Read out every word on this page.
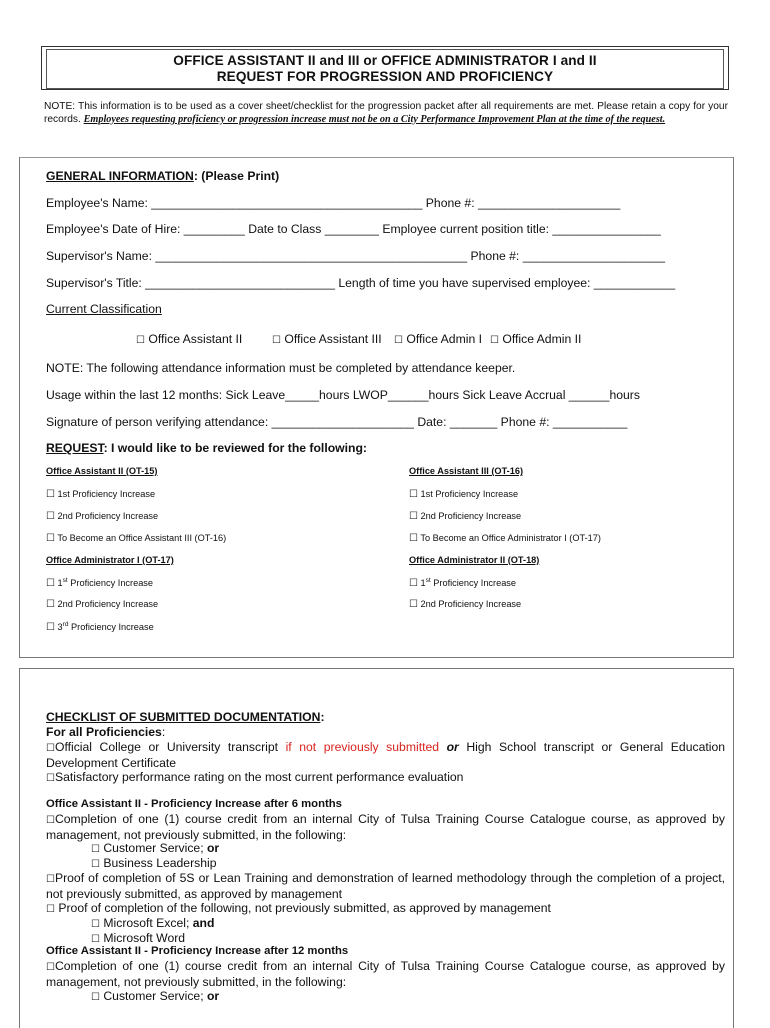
OFFICE ASSISTANT II and III or OFFICE ADMINISTRATOR I and II
REQUEST FOR PROGRESSION AND PROFICIENCY
NOTE: This information is to be used as a cover sheet/checklist for the progression packet after all requirements are met. Please retain a copy for your records. Employees requesting proficiency or progression increase must not be on a City Performance Improvement Plan at the time of the request.
GENERAL INFORMATION: (Please Print)
Employee's Name: ________________________________________ Phone #: _____________________
Employee's Date of Hire: _________ Date to Class ________ Employee current position title: ________________
Supervisor's Name: ______________________________________________ Phone #: _____________________
Supervisor's Title: ____________________________ Length of time you have supervised employee: ____________
Current Classification
☐ Office Assistant II	☐ Office Assistant III ☐ Office Admin I ☐ Office Admin II
NOTE: The following attendance information must be completed by attendance keeper.
Usage within the last 12 months: Sick Leave_____hours LWOP______hours Sick Leave Accrual ______hours
Signature of person verifying attendance: _____________________ Date: _______ Phone #: ___________
REQUEST: I would like to be reviewed for the following:
Office Assistant II (OT-15)
☐ 1st Proficiency Increase
☐ 2nd Proficiency Increase
☐ To Become an Office Assistant III (OT-16)
Office Administrator I (OT-17)
☐ 1st Proficiency Increase
☐ 2nd Proficiency Increase
☐ 3rd Proficiency Increase
Office Assistant III (OT-16)
☐ 1st Proficiency Increase
☐ 2nd Proficiency Increase
☐ To Become an Office Administrator I (OT-17)
Office Administrator II (OT-18)
☐ 1st Proficiency Increase
☐ 2nd Proficiency Increase
CHECKLIST OF SUBMITTED DOCUMENTATION:
For all Proficiencies:
☐Official College or University transcript if not previously submitted or High School transcript or General Education Development Certificate
☐Satisfactory performance rating on the most current performance evaluation
Office Assistant II - Proficiency Increase after 6 months
☐Completion of one (1) course credit from an internal City of Tulsa Training Course Catalogue course, as approved by management, not previously submitted, in the following:
☐ Customer Service; or
☐ Business Leadership
☐Proof of completion of 5S or Lean Training and demonstration of learned methodology through the completion of a project, not previously submitted, as approved by management
☐ Proof of completion of the following, not previously submitted, as approved by management
☐ Microsoft Excel; and
☐ Microsoft Word
Office Assistant II - Proficiency Increase after 12 months
☐Completion of one (1) course credit from an internal City of Tulsa Training Course Catalogue course, as approved by management, not previously submitted, in the following:
☐ Customer Service; or
